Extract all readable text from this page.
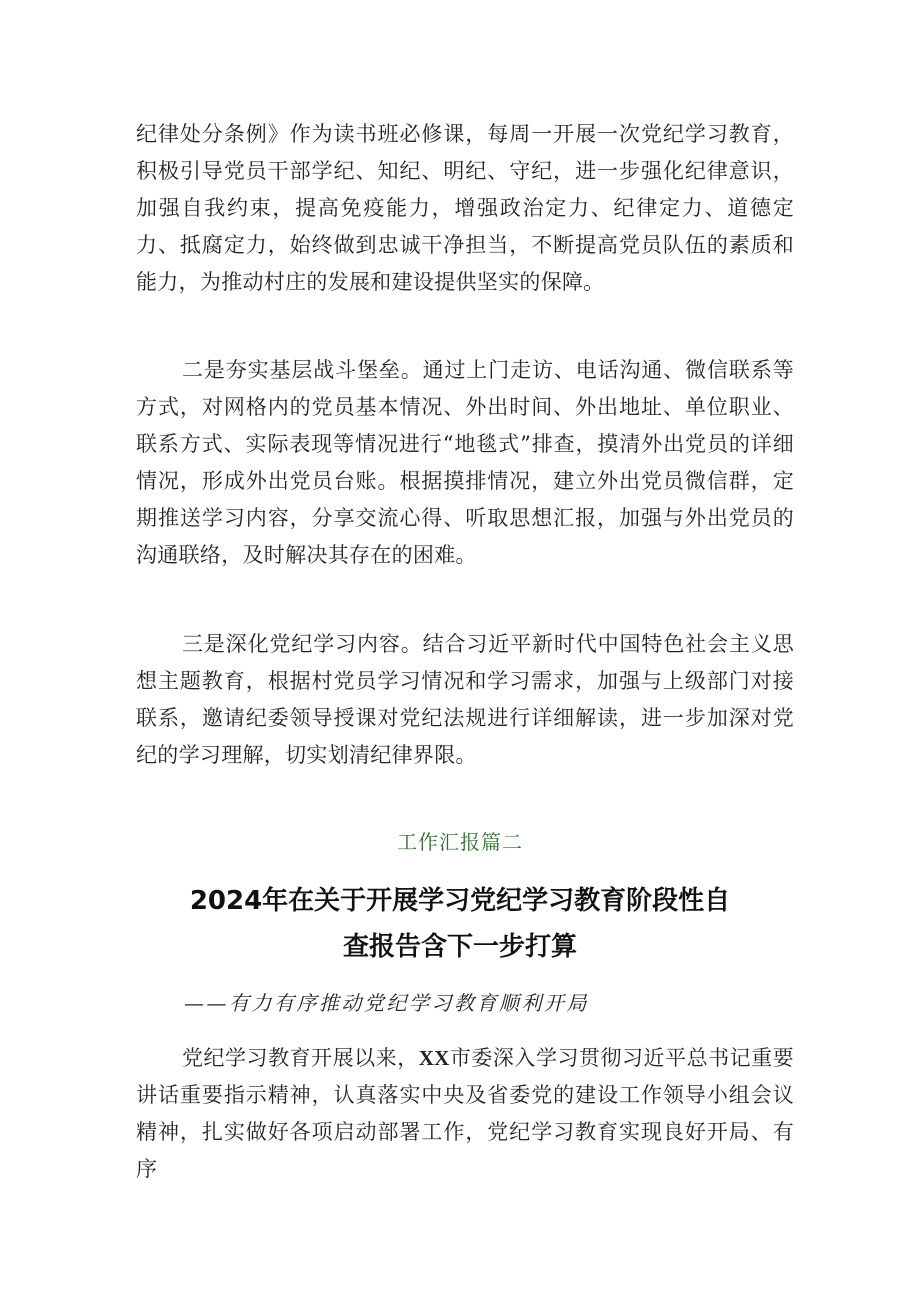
纪律处分条例》作为读书班必修课，每周一开展一次党纪学习教育，积极引导党员干部学纪、知纪、明纪、守纪，进一步强化纪律意识，加强自我约束，提高免疫能力，增强政治定力、纪律定力、道德定力、抵腐定力，始终做到忠诚干净担当，不断提高党员队伍的素质和能力，为推动村庄的发展和建设提供坚实的保障。

二是夯实基层战斗堡垒。通过上门走访、电话沟通、微信联系等方式，对网格内的党员基本情况、外出时间、外出地址、单位职业、联系方式、实际表现等情况进行“地毯式”排查，摸清外出党员的详细情况，形成外出党员台账。根据摸排情况，建立外出党员微信群，定期推送学习内容，分享交流心得、听取思想汇报，加强与外出党员的沟通联络，及时解决其存在的困难。

三是深化党纪学习内容。结合习近平新时代中国特色社会主义思想主题教育，根据村党员学习情况和学习需求，加强与上级部门对接联系，邀请纪委领导授课对党纪法规进行详细解读，进一步加深对党纪的学习理解，切实划清纪律界限。

工作汇报篇二
2024年在关于开展学习党纪学习教育阶段性自
查报告含下一步打算
——有力有序推动党纪学习教育顺利开局

党纪学习教育开展以来，XX市委深入学习贯彻习近平总书记重要讲话重要指示精神，认真落实中央及省委党的建设工作领导小组会议精神，扎实做好各项启动部署工作，党纪学习教育实现良好开局、有序
